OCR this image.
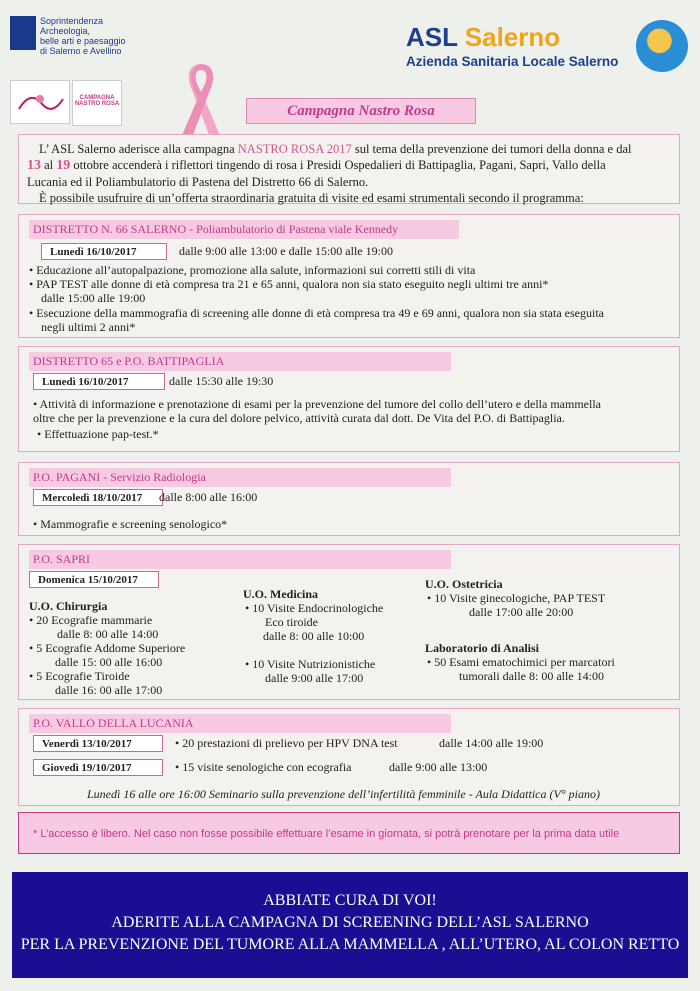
Soprintendenza
Archeologia,
belle arti e paesaggio
di Salerno e Avellino
CAMPAGNA NASTRO ROSA
ASL Salerno
Azienda Sanitaria Locale Salerno
Campagna Nastro Rosa
L’ ASL Salerno aderisce alla campagna NASTRO ROSA 2017 sul tema della prevenzione dei tumori della donna e dal
13 al 19 ottobre accenderà i riflettori tingendo di rosa i Presidi Ospedalieri di Battipaglia, Pagani, Sapri, Vallo della
Lucania ed il Poliambulatorio di Pastena del Distretto 66 di Salerno.
È possibile usufruire di un’offerta straordinaria gratuita di visite ed esami strumentali secondo il programma:
DISTRETTO N. 66 SALERNO - Poliambulatorio di Pastena viale Kennedy
Lunedì 16/10/2017	dalle 9:00 alle 13:00 e dalle 15:00 alle 19:00
• Educazione all’autopalpazione, promozione alla salute, informazioni sui corretti stili di vita
• PAP TEST alle donne di età compresa tra 21 e 65 anni, qualora non sia stato eseguito negli ultimi tre anni*
dalle 15:00 alle 19:00
• Esecuzione della mammografia di screening alle donne di età compresa tra 49 e 69 anni, qualora non sia stata eseguita
negli ultimi 2 anni*
DISTRETTO 65 e P.O. BATTIPAGLIA
Lunedì 16/10/2017	dalle 15:30 alle 19:30
• Attività di informazione e prenotazione di esami per la prevenzione del tumore del collo dell’utero e della mammella
oltre che per la prevenzione e la cura del dolore pelvico, attività curata dal dott. De Vita del P.O. di Battipaglia.
• Effettuazione pap-test.*
P.O. PAGANI - Servizio Radiologia
Mercoledì 18/10/2017	dalle 8:00 alle 16:00
• Mammografie e screening senologico*
P.O. SAPRI
Domenica 15/10/2017
U.O. Chirurgia
• 20 Ecografie mammarie
dalle 8: 00 alle 14:00
• 5 Ecografie Addome Superiore
dalle 15: 00 alle 16:00
• 5 Ecografie Tiroide
dalle 16: 00 alle 17:00
U.O. Medicina
• 10 Visite Endocrinologiche
Eco tiroide
dalle 8: 00 alle 10:00
• 10 Visite Nutrizionistiche
dalle 9:00 alle 17:00
U.O. Ostetricia
• 10 Visite ginecologiche, PAP TEST
dalle 17:00 alle 20:00
Laboratorio di Analisi
• 50 Esami ematochimici per marcatori
tumorali dalle 8: 00 alle 14:00
P.O. VALLO DELLA LUCANIA
Venerdì 13/10/2017	• 20 prestazioni di prelievo per HPV DNA test	dalle 14:00 alle 19:00
Giovedì 19/10/2017	• 15 visite senologiche con ecografia	dalle 9:00 alle 13:00
Lunedì 16 alle ore 16:00 Seminario sulla prevenzione dell’infertilità femminile - Aula Didattica (V° piano)
* L’accesso è libero. Nel caso non fosse possibile effettuare l’esame in giornata, si potrà prenotare per la prima data utile
ABBIATE CURA DI VOI!
ADERITE ALLA CAMPAGNA DI SCREENING DELL’ASL SALERNO
PER LA PREVENZIONE DEL TUMORE ALLA MAMMELLA , ALL’UTERO, AL COLON RETTO
